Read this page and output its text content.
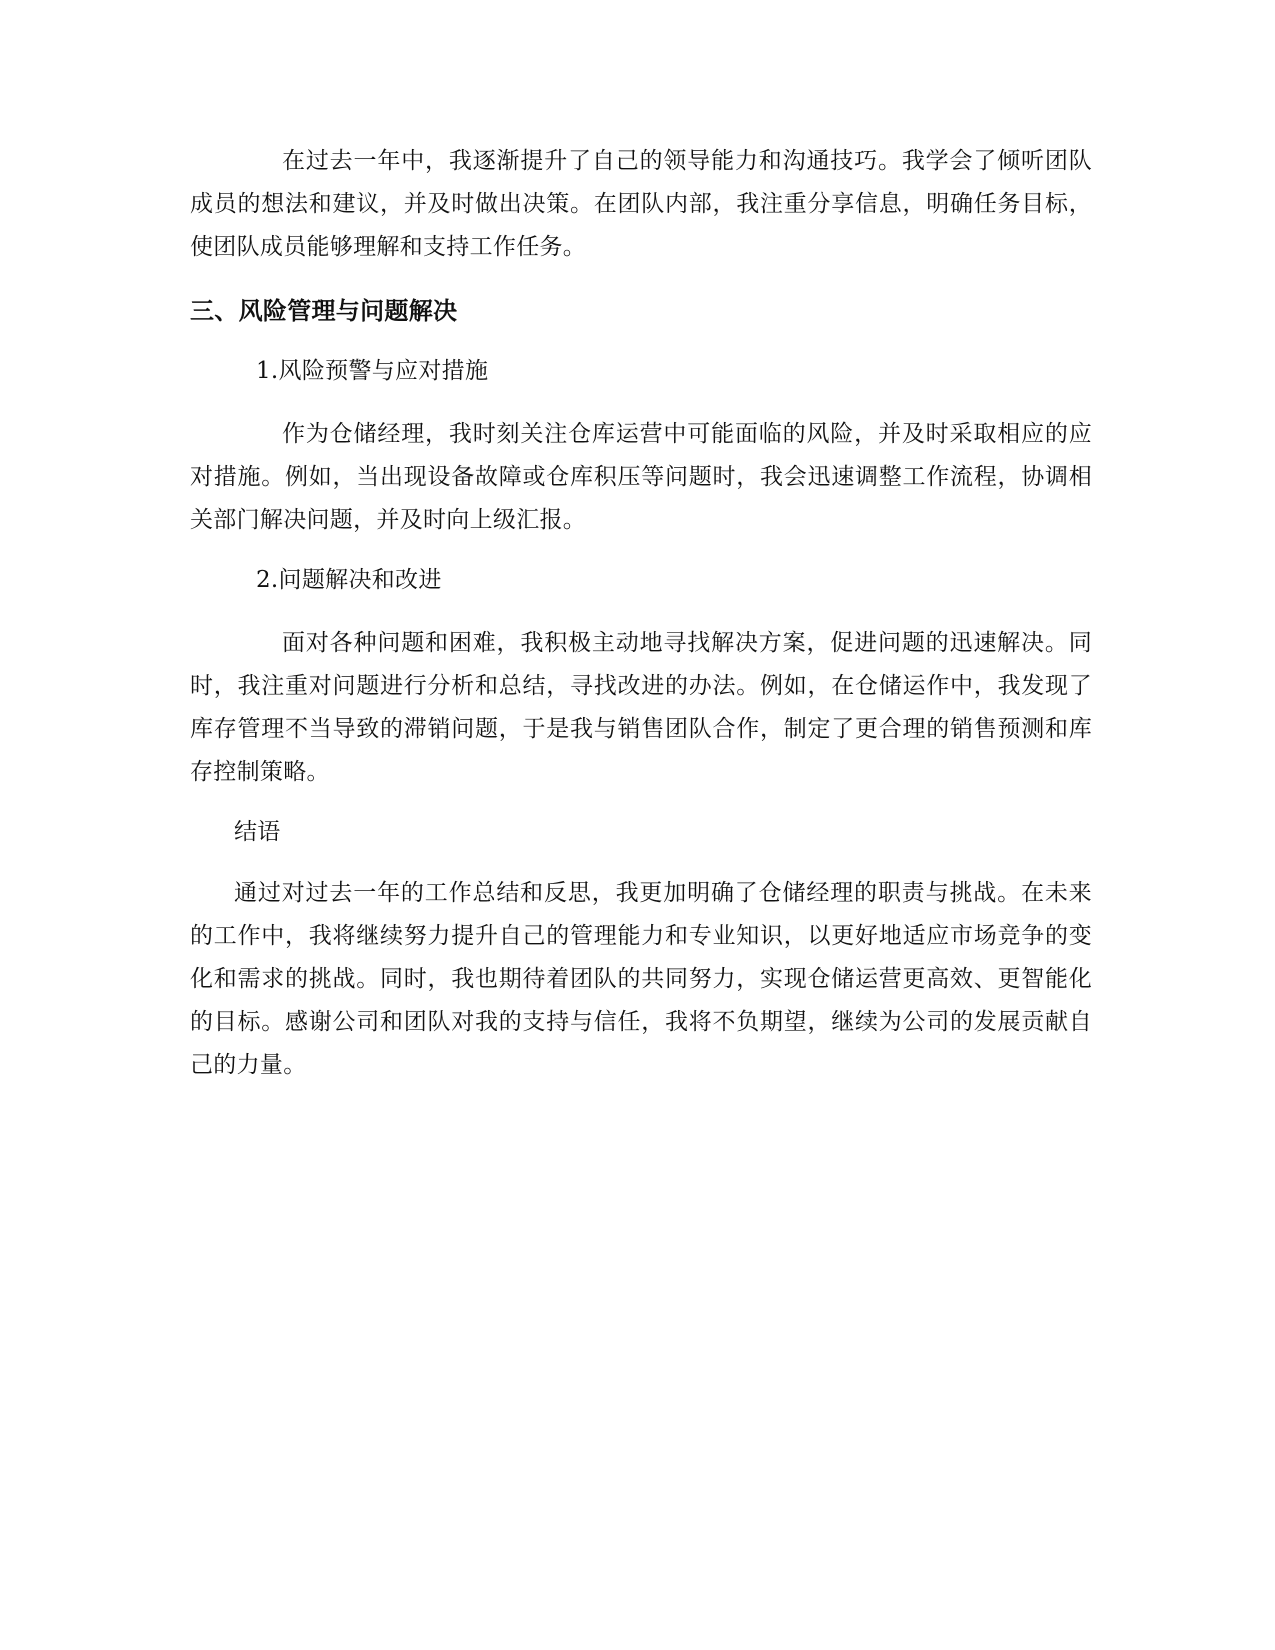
在过去一年中，我逐渐提升了自己的领导能力和沟通技巧。我学会了倾听团队成员的想法和建议，并及时做出决策。在团队内部，我注重分享信息，明确任务目标，使团队成员能够理解和支持工作任务。

三、风险管理与问题解决

1.风险预警与应对措施

作为仓储经理，我时刻关注仓库运营中可能面临的风险，并及时采取相应的应对措施。例如，当出现设备故障或仓库积压等问题时，我会迅速调整工作流程，协调相关部门解决问题，并及时向上级汇报。

2.问题解决和改进

面对各种问题和困难，我积极主动地寻找解决方案，促进问题的迅速解决。同时，我注重对问题进行分析和总结，寻找改进的办法。例如，在仓储运作中，我发现了库存管理不当导致的滞销问题，于是我与销售团队合作，制定了更合理的销售预测和库存控制策略。

结语

通过对过去一年的工作总结和反思，我更加明确了仓储经理的职责与挑战。在未来的工作中，我将继续努力提升自己的管理能力和专业知识，以更好地适应市场竞争的变化和需求的挑战。同时，我也期待着团队的共同努力，实现仓储运营更高效、更智能化的目标。感谢公司和团队对我的支持与信任，我将不负期望，继续为公司的发展贡献自己的力量。
